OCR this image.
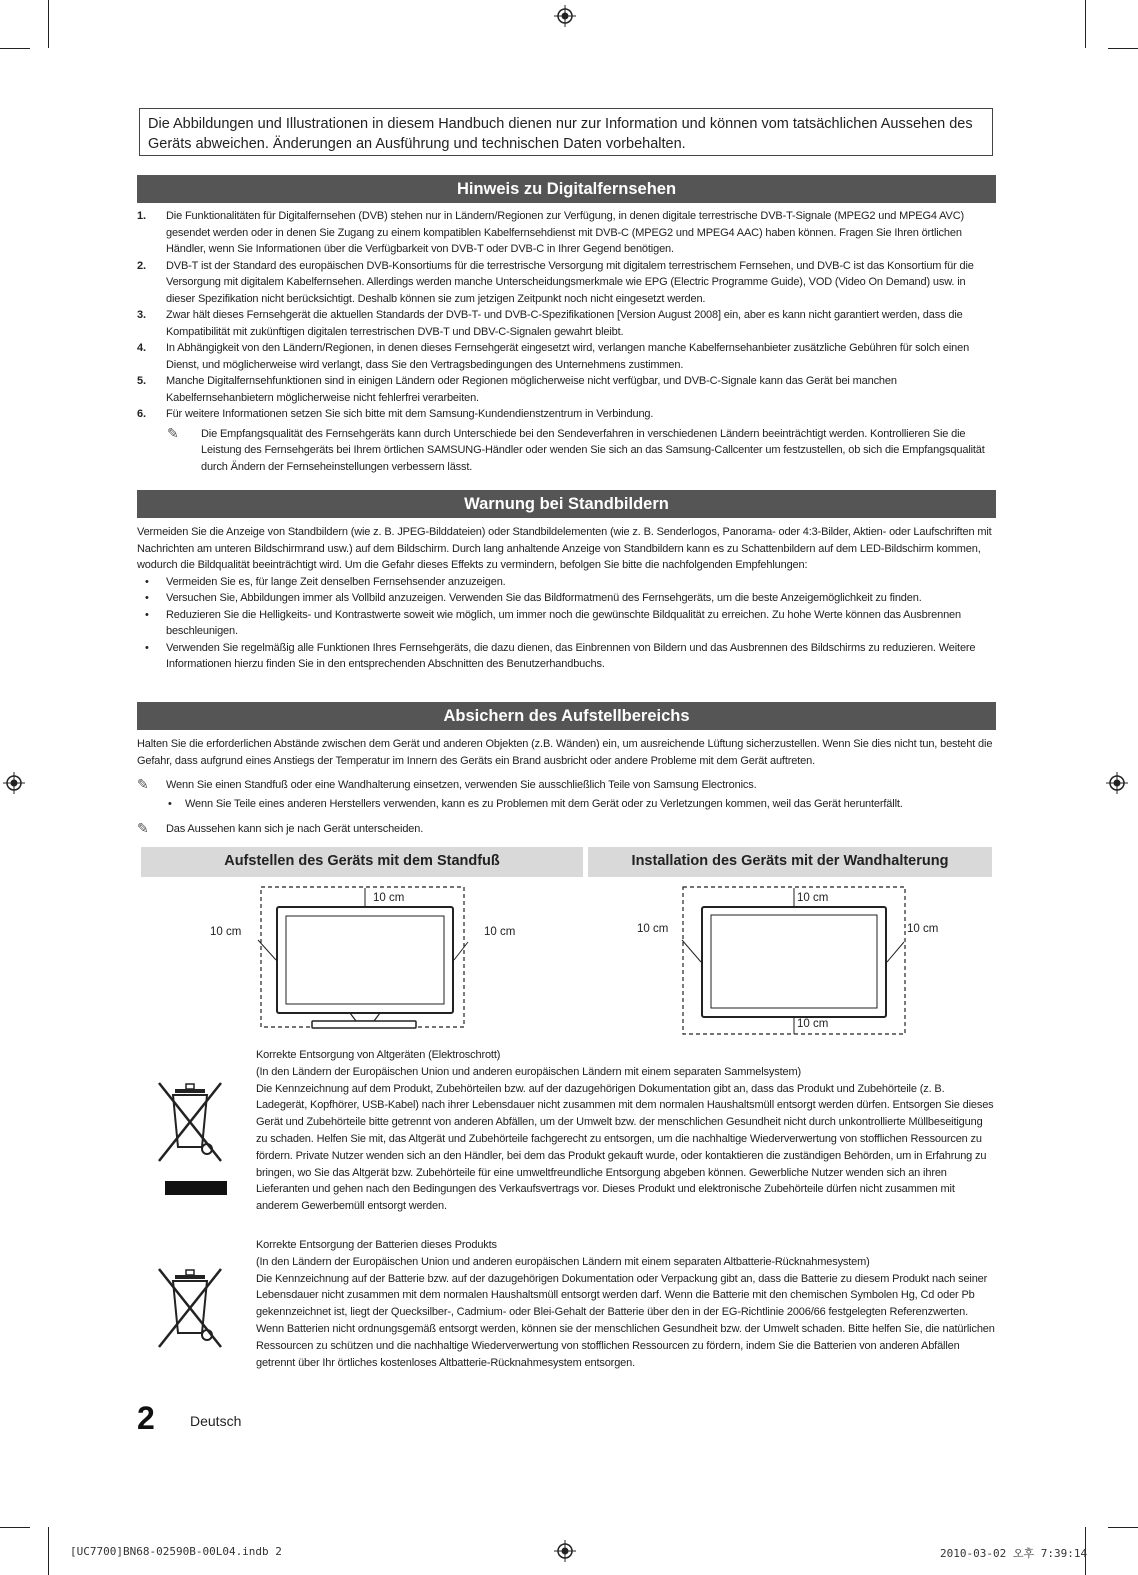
Die Abbildungen und Illustrationen in diesem Handbuch dienen nur zur Information und können vom tatsächlichen Aussehen des Geräts abweichen. Änderungen an Ausführung und technischen Daten vorbehalten.
Hinweis zu Digitalfernsehen
1. Die Funktionalitäten für Digitalfernsehen (DVB) stehen nur in Ländern/Regionen zur Verfügung, in denen digitale terrestrische DVB-T-Signale (MPEG2 und MPEG4 AVC) gesendet werden oder in denen Sie Zugang zu einem kompatiblen Kabelfernsehdienst mit DVB-C (MPEG2 und MPEG4 AAC) haben können. Fragen Sie Ihren örtlichen Händler, wenn Sie Informationen über die Verfügbarkeit von DVB-T oder DVB-C in Ihrer Gegend benötigen.
2. DVB-T ist der Standard des europäischen DVB-Konsortiums für die terrestrische Versorgung mit digitalem terrestrischem Fernsehen, und DVB-C ist das Konsortium für die Versorgung mit digitalem Kabelfernsehen. Allerdings werden manche Unterscheidungsmerkmale wie EPG (Electric Programme Guide), VOD (Video On Demand) usw. in dieser Spezifikation nicht berücksichtigt. Deshalb können sie zum jetzigen Zeitpunkt noch nicht eingesetzt werden.
3. Zwar hält dieses Fernsehgerät die aktuellen Standards der DVB-T- und DVB-C-Spezifikationen [Version August 2008] ein, aber es kann nicht garantiert werden, dass die Kompatibilität mit zukünftigen digitalen terrestrischen DVB-T und DBV-C-Signalen gewahrt bleibt.
4. In Abhängigkeit von den Ländern/Regionen, in denen dieses Fernsehgerät eingesetzt wird, verlangen manche Kabelfernsehanbieter zusätzliche Gebühren für solch einen Dienst, und möglicherweise wird verlangt, dass Sie den Vertragsbedingungen des Unternehmens zustimmen.
5. Manche Digitalfernsehfunktionen sind in einigen Ländern oder Regionen möglicherweise nicht verfügbar, und DVB-C-Signale kann das Gerät bei manchen Kabelfernsehanbietern möglicherweise nicht fehlerfrei verarbeiten.
6. Für weitere Informationen setzen Sie sich bitte mit dem Samsung-Kundendienstzentrum in Verbindung.
✎ Die Empfangsqualität des Fernsehgeräts kann durch Unterschiede bei den Sendeverfahren in verschiedenen Ländern beeinträchtigt werden. Kontrollieren Sie die Leistung des Fernsehgeräts bei Ihrem örtlichen SAMSUNG-Händler oder wenden Sie sich an das Samsung-Callcenter um festzustellen, ob sich die Empfangsqualität durch Ändern der Fernseheinstellungen verbessern lässt.
Warnung bei Standbildern
Vermeiden Sie die Anzeige von Standbildern (wie z. B. JPEG-Bilddateien) oder Standbildelementen (wie z. B. Senderlogos, Panorama- oder 4:3-Bilder, Aktien- oder Laufschriften mit Nachrichten am unteren Bildschirmrand usw.) auf dem Bildschirm. Durch lang anhaltende Anzeige von Standbildern kann es zu Schattenbildern auf dem LED-Bildschirm kommen, wodurch die Bildqualität beeinträchtigt wird. Um die Gefahr dieses Effekts zu vermindern, befolgen Sie bitte die nachfolgenden Empfehlungen:
• Vermeiden Sie es, für lange Zeit denselben Fernsehsender anzuzeigen.
• Versuchen Sie, Abbildungen immer als Vollbild anzuzeigen. Verwenden Sie das Bildformatmenü des Fernsehgeräts, um die beste Anzeigemöglichkeit zu finden.
• Reduzieren Sie die Helligkeits- und Kontrastwerte soweit wie möglich, um immer noch die gewünschte Bildqualität zu erreichen. Zu hohe Werte können das Ausbrennen beschleunigen.
• Verwenden Sie regelmäßig alle Funktionen Ihres Fernsehgeräts, die dazu dienen, das Einbrennen von Bildern und das Ausbrennen des Bildschirms zu reduzieren. Weitere Informationen hierzu finden Sie in den entsprechenden Abschnitten des Benutzerhandbuchs.
Absichern des Aufstellbereichs
Halten Sie die erforderlichen Abstände zwischen dem Gerät und anderen Objekten (z.B. Wänden) ein, um ausreichende Lüftung sicherzustellen. Wenn Sie dies nicht tun, besteht die Gefahr, dass aufgrund eines Anstiegs der Temperatur im Innern des Geräts ein Brand ausbricht oder andere Probleme mit dem Gerät auftreten.
✎ Wenn Sie einen Standfuß oder eine Wandhalterung einsetzen, verwenden Sie ausschließlich Teile von Samsung Electronics.
• Wenn Sie Teile eines anderen Herstellers verwenden, kann es zu Problemen mit dem Gerät oder zu Verletzungen kommen, weil das Gerät herunterfällt.
✎ Das Aussehen kann sich je nach Gerät unterscheiden.
Aufstellen des Geräts mit dem Standfuß	Installation des Geräts mit der Wandhalterung
10 cm
10 cm	10 cm
10 cm
10 cm	10 cm
10 cm
Korrekte Entsorgung von Altgeräten (Elektroschrott)
(In den Ländern der Europäischen Union und anderen europäischen Ländern mit einem separaten Sammelsystem)
Die Kennzeichnung auf dem Produkt, Zubehörteilen bzw. auf der dazugehörigen Dokumentation gibt an, dass das Produkt und Zubehörteile (z. B. Ladegerät, Kopfhörer, USB-Kabel) nach ihrer Lebensdauer nicht zusammen mit dem normalen Haushaltsmüll entsorgt werden dürfen. Entsorgen Sie dieses Gerät und Zubehörteile bitte getrennt von anderen Abfällen, um der Umwelt bzw. der menschlichen Gesundheit nicht durch unkontrollierte Müllbeseitigung zu schaden. Helfen Sie mit, das Altgerät und Zubehörteile fachgerecht zu entsorgen, um die nachhaltige Wiederverwertung von stofflichen Ressourcen zu fördern. Private Nutzer wenden sich an den Händler, bei dem das Produkt gekauft wurde, oder kontaktieren die zuständigen Behörden, um in Erfahrung zu bringen, wo Sie das Altgerät bzw. Zubehörteile für eine umweltfreundliche Entsorgung abgeben können. Gewerbliche Nutzer wenden sich an ihren Lieferanten und gehen nach den Bedingungen des Verkaufsvertrags vor. Dieses Produkt und elektronische Zubehörteile dürfen nicht zusammen mit anderem Gewerbemüll entsorgt werden.
Korrekte Entsorgung der Batterien dieses Produkts
(In den Ländern der Europäischen Union und anderen europäischen Ländern mit einem separaten Altbatterie-Rücknahmesystem)
Die Kennzeichnung auf der Batterie bzw. auf der dazugehörigen Dokumentation oder Verpackung gibt an, dass die Batterie zu diesem Produkt nach seiner Lebensdauer nicht zusammen mit dem normalen Haushaltsmüll entsorgt werden darf. Wenn die Batterie mit den chemischen Symbolen Hg, Cd oder Pb gekennzeichnet ist, liegt der Quecksilber-, Cadmium- oder Blei-Gehalt der Batterie über den in der EG-Richtlinie 2006/66 festgelegten Referenzwerten. Wenn Batterien nicht ordnungsgemäß entsorgt werden, können sie der menschlichen Gesundheit bzw. der Umwelt schaden. Bitte helfen Sie, die natürlichen Ressourcen zu schützen und die nachhaltige Wiederverwertung von stofflichen Ressourcen zu fördern, indem Sie die Batterien von anderen Abfällen getrennt über Ihr örtliches kostenloses Altbatterie-Rücknahmesystem entsorgen.
2	Deutsch
[UC7700]BN68-02590B-00L04.indb 2	2010-03-02 오후 7:39:14
